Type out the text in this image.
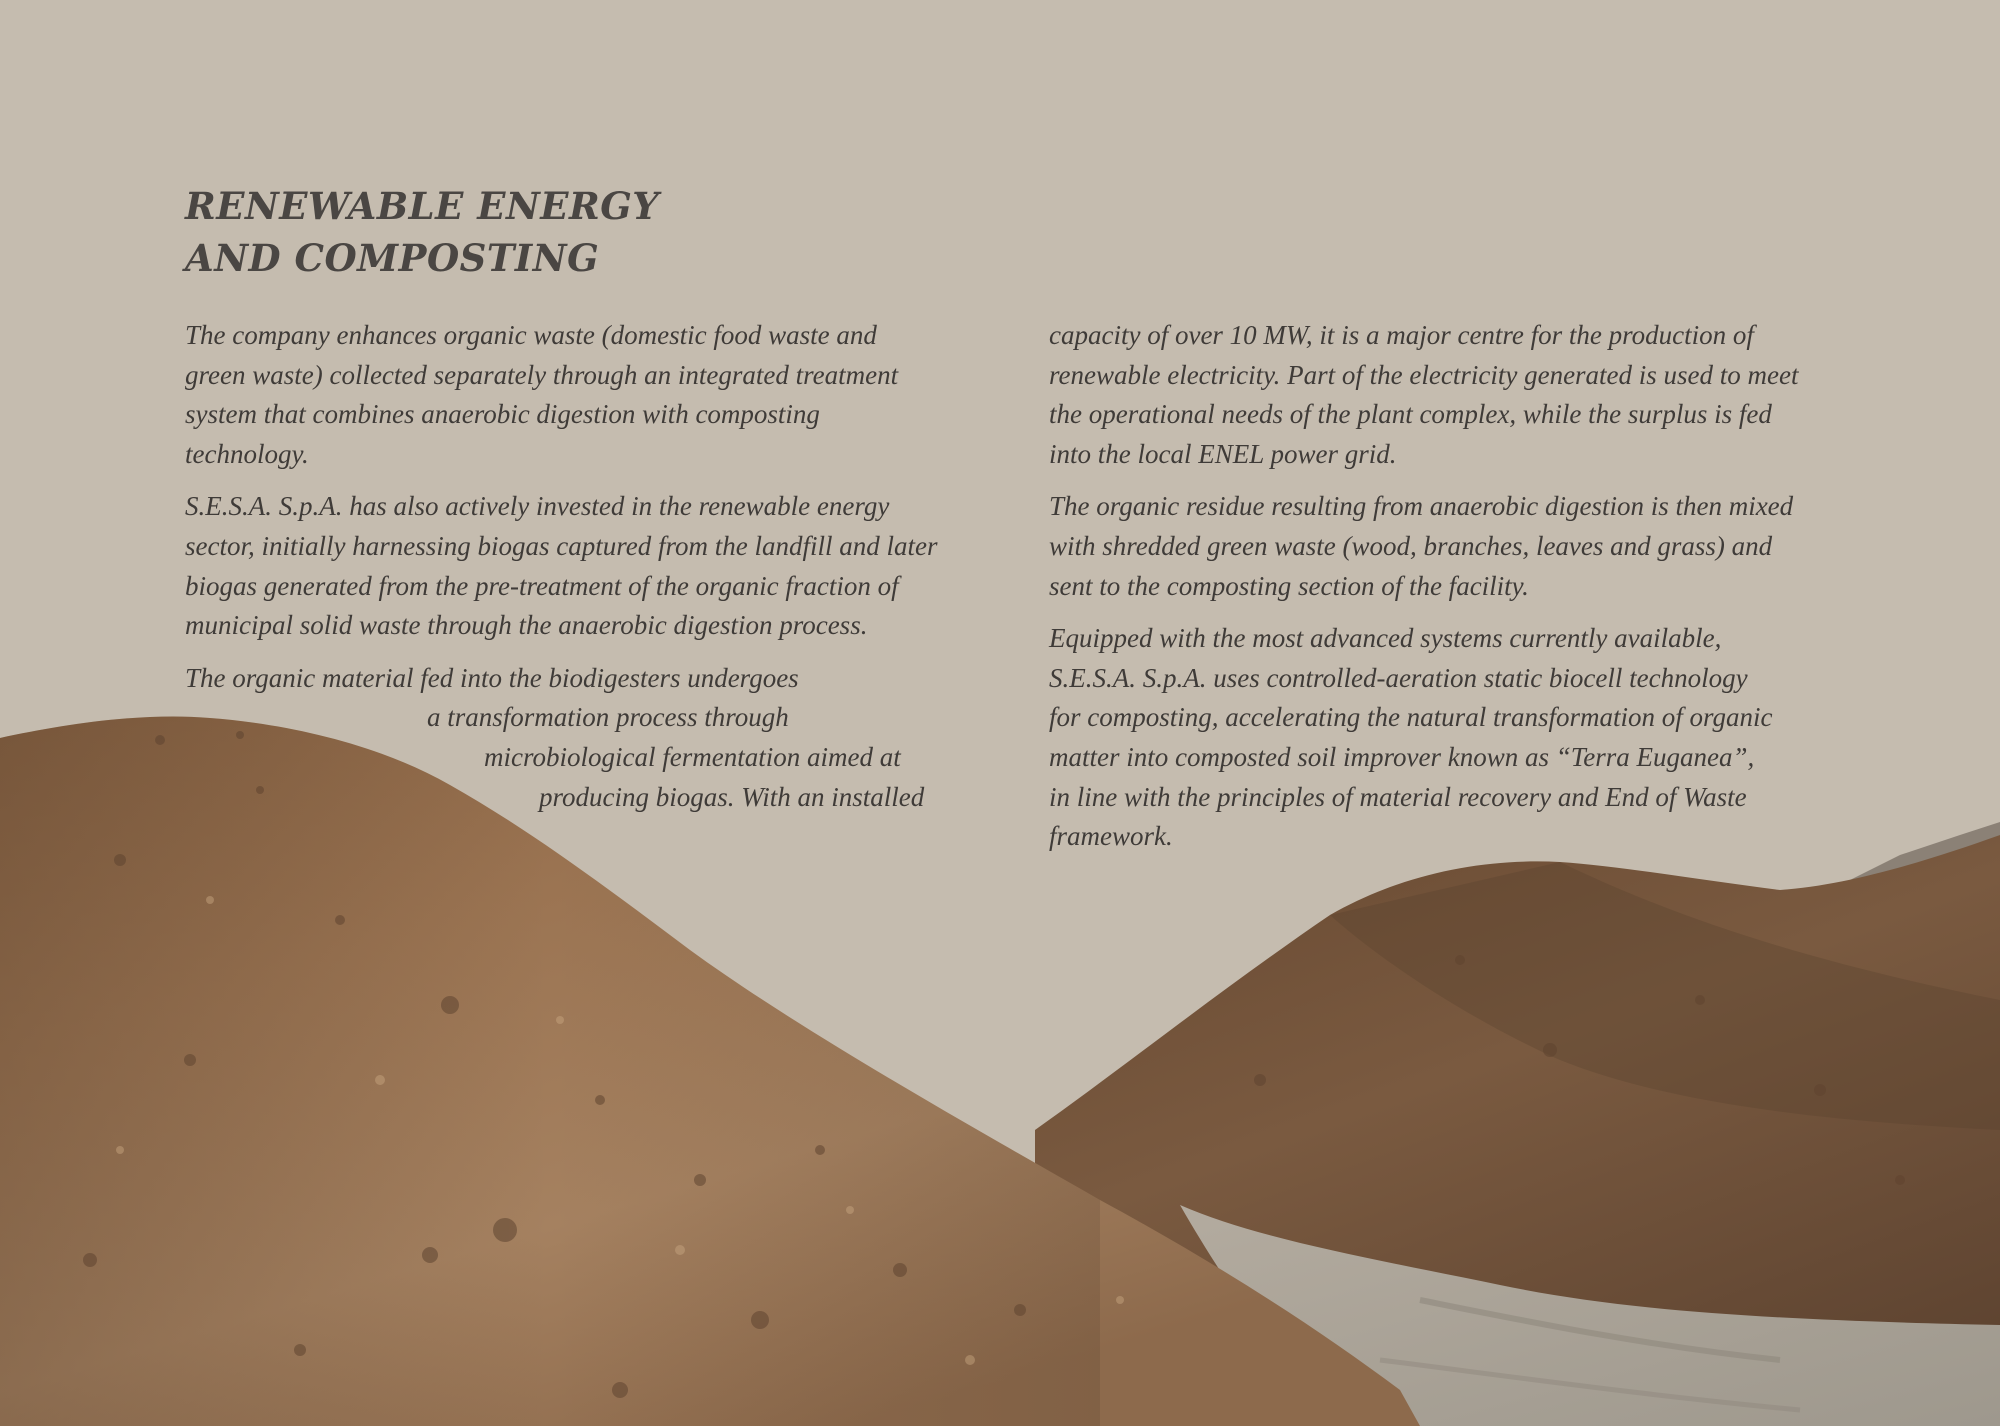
RENEWABLE ENERGY
AND COMPOSTING

The company enhances organic waste (domestic food waste and
green waste) collected separately through an integrated treatment
system that combines anaerobic digestion with composting
technology.

S.E.S.A. S.p.A. has also actively invested in the renewable energy
sector, initially harnessing biogas captured from the landfill and later
biogas generated from the pre-treatment of the organic fraction of
municipal solid waste through the anaerobic digestion process.

The organic material fed into the biodigesters undergoes
a transformation process through
microbiological fermentation aimed at
producing biogas. With an installed

capacity of over 10 MW, it is a major centre for the production of
renewable electricity. Part of the electricity generated is used to meet
the operational needs of the plant complex, while the surplus is fed
into the local ENEL power grid.

The organic residue resulting from anaerobic digestion is then mixed
with shredded green waste (wood, branches, leaves and grass) and
sent to the composting section of the facility.

Equipped with the most advanced systems currently available,
S.E.S.A. S.p.A. uses controlled-aeration static biocell technology
for composting, accelerating the natural transformation of organic
matter into composted soil improver known as “Terra Euganea”,
in line with the principles of material recovery and End of Waste
framework.
